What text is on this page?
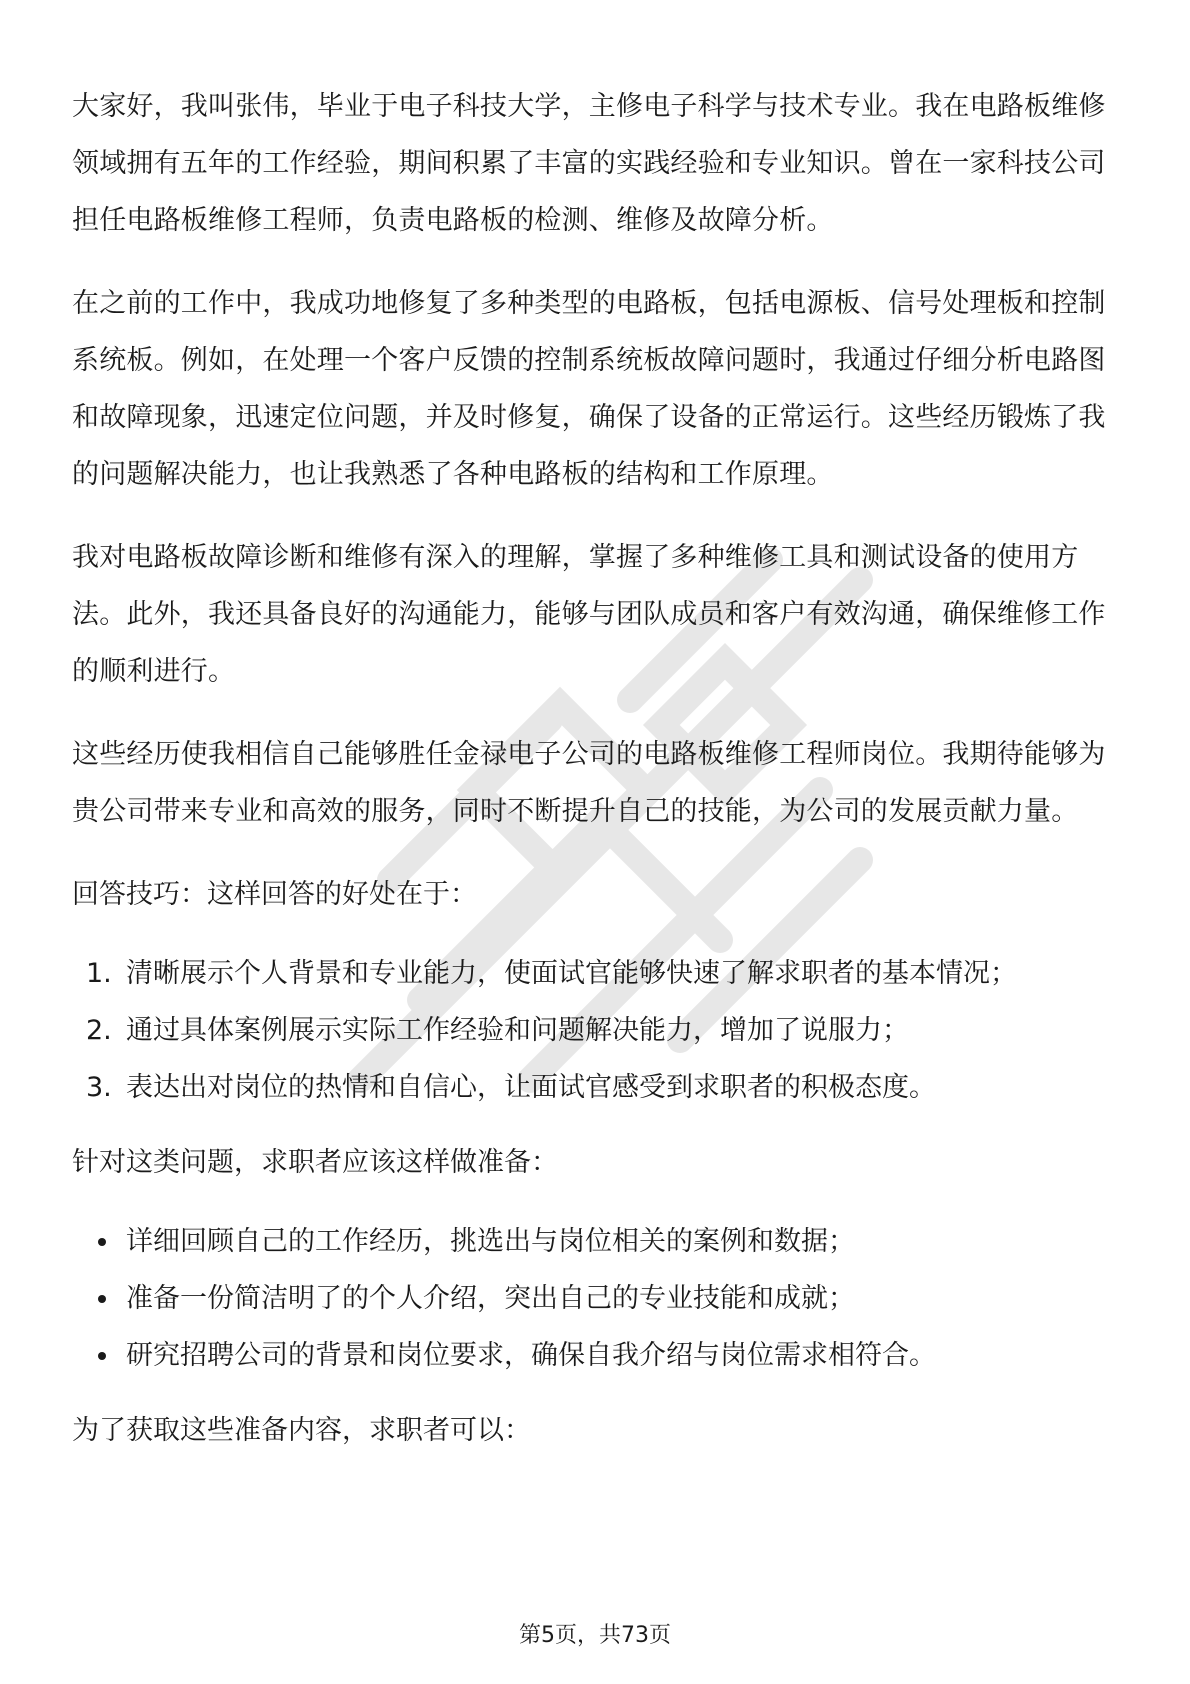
大家好，我叫张伟，毕业于电子科技大学，主修电子科学与技术专业。我在电路板维修领域拥有五年的工作经验，期间积累了丰富的实践经验和专业知识。曾在一家科技公司担任电路板维修工程师，负责电路板的检测、维修及故障分析。

在之前的工作中，我成功地修复了多种类型的电路板，包括电源板、信号处理板和控制系统板。例如，在处理一个客户反馈的控制系统板故障问题时，我通过仔细分析电路图和故障现象，迅速定位问题，并及时修复，确保了设备的正常运行。这些经历锻炼了我的问题解决能力，也让我熟悉了各种电路板的结构和工作原理。

我对电路板故障诊断和维修有深入的理解，掌握了多种维修工具和测试设备的使用方法。此外，我还具备良好的沟通能力，能够与团队成员和客户有效沟通，确保维修工作的顺利进行。

这些经历使我相信自己能够胜任金禄电子公司的电路板维修工程师岗位。我期待能够为贵公司带来专业和高效的服务，同时不断提升自己的技能，为公司的发展贡献力量。

回答技巧：这样回答的好处在于：

1. 清晰展示个人背景和专业能力，使面试官能够快速了解求职者的基本情况；
2. 通过具体案例展示实际工作经验和问题解决能力，增加了说服力；
3. 表达出对岗位的热情和自信心，让面试官感受到求职者的积极态度。

针对这类问题，求职者应该这样做准备：

详细回顾自己的工作经历，挑选出与岗位相关的案例和数据；
准备一份简洁明了的个人介绍，突出自己的专业技能和成就；
研究招聘公司的背景和岗位要求，确保自我介绍与岗位需求相符合。

为了获取这些准备内容，求职者可以：

第5页，共73页
